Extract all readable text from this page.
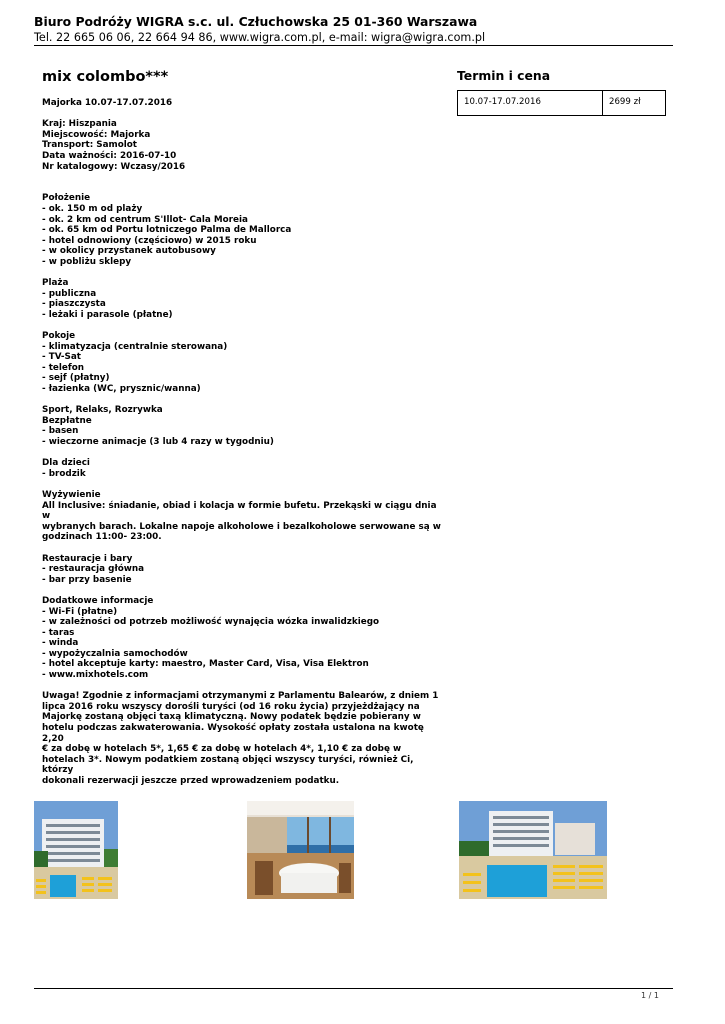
Biuro Podróży WIGRA s.c. ul. Człuchowska 25 01-360 Warszawa
Tel. 22 665 06 06, 22 664 94 86, www.wigra.com.pl, e-mail: wigra@wigra.com.pl
mix colombo***
Majorka 10.07-17.07.2016
Kraj: Hiszpania
Miejscowość: Majorka
Transport: Samolot
Data ważności: 2016-07-10
Nr katalogowy: Wczasy/2016
Położenie
- ok. 150 m od plaży
- ok. 2 km od centrum S'Illot- Cala Moreia
- ok. 65 km od Portu lotniczego Palma de Mallorca
- hotel odnowiony (częściowo) w 2015 roku
- w okolicy przystanek autobusowy
- w pobliżu sklepy
Plaża
- publiczna
- piaszczysta
- leżaki i parasole (płatne)
Pokoje
- klimatyzacja (centralnie sterowana)
- TV-Sat
- telefon
- sejf (płatny)
- łazienka (WC, prysznic/wanna)
Sport, Relaks, Rozrywka
Bezpłatne
- basen
- wieczorne animacje (3 lub 4 razy w tygodniu)
Dla dzieci
- brodzik
Wyżywienie
All Inclusive: śniadanie, obiad i kolacja w formie bufetu. Przekąski w ciągu dnia w
wybranych barach. Lokalne napoje alkoholowe i bezalkoholowe serwowane są w
godzinach 11:00- 23:00.
Restauracje i bary
- restauracja główna
- bar przy basenie
Dodatkowe informacje
- Wi-Fi (płatne)
- w zależności od potrzeb możliwość wynajęcia wózka inwalidzkiego
- taras
- winda
- wypożyczalnia samochodów
- hotel akceptuje karty: maestro, Master Card, Visa, Visa Elektron
- www.mixhotels.com
Uwaga! Zgodnie z informacjami otrzymanymi z Parlamentu Balearów, z dniem 1
lipca 2016 roku wszyscy dorośli turyści (od 16 roku życia) przyjeżdżający na
Majorkę zostaną objęci taxą klimatyczną. Nowy podatek będzie pobierany w
hotelu podczas zakwaterowania. Wysokość opłaty została ustalona na kwotę 2,20
€ za dobę w hotelach 5*, 1,65 € za dobę w hotelach 4*, 1,10 € za dobę w
hotelach 3*. Nowym podatkiem zostaną objęci wszyscy turyści, również Ci, którzy
dokonali rezerwacji jeszcze przed wprowadzeniem podatku.
Termin i cena
10.07-17.07.2016	2699 zł
1 / 1
